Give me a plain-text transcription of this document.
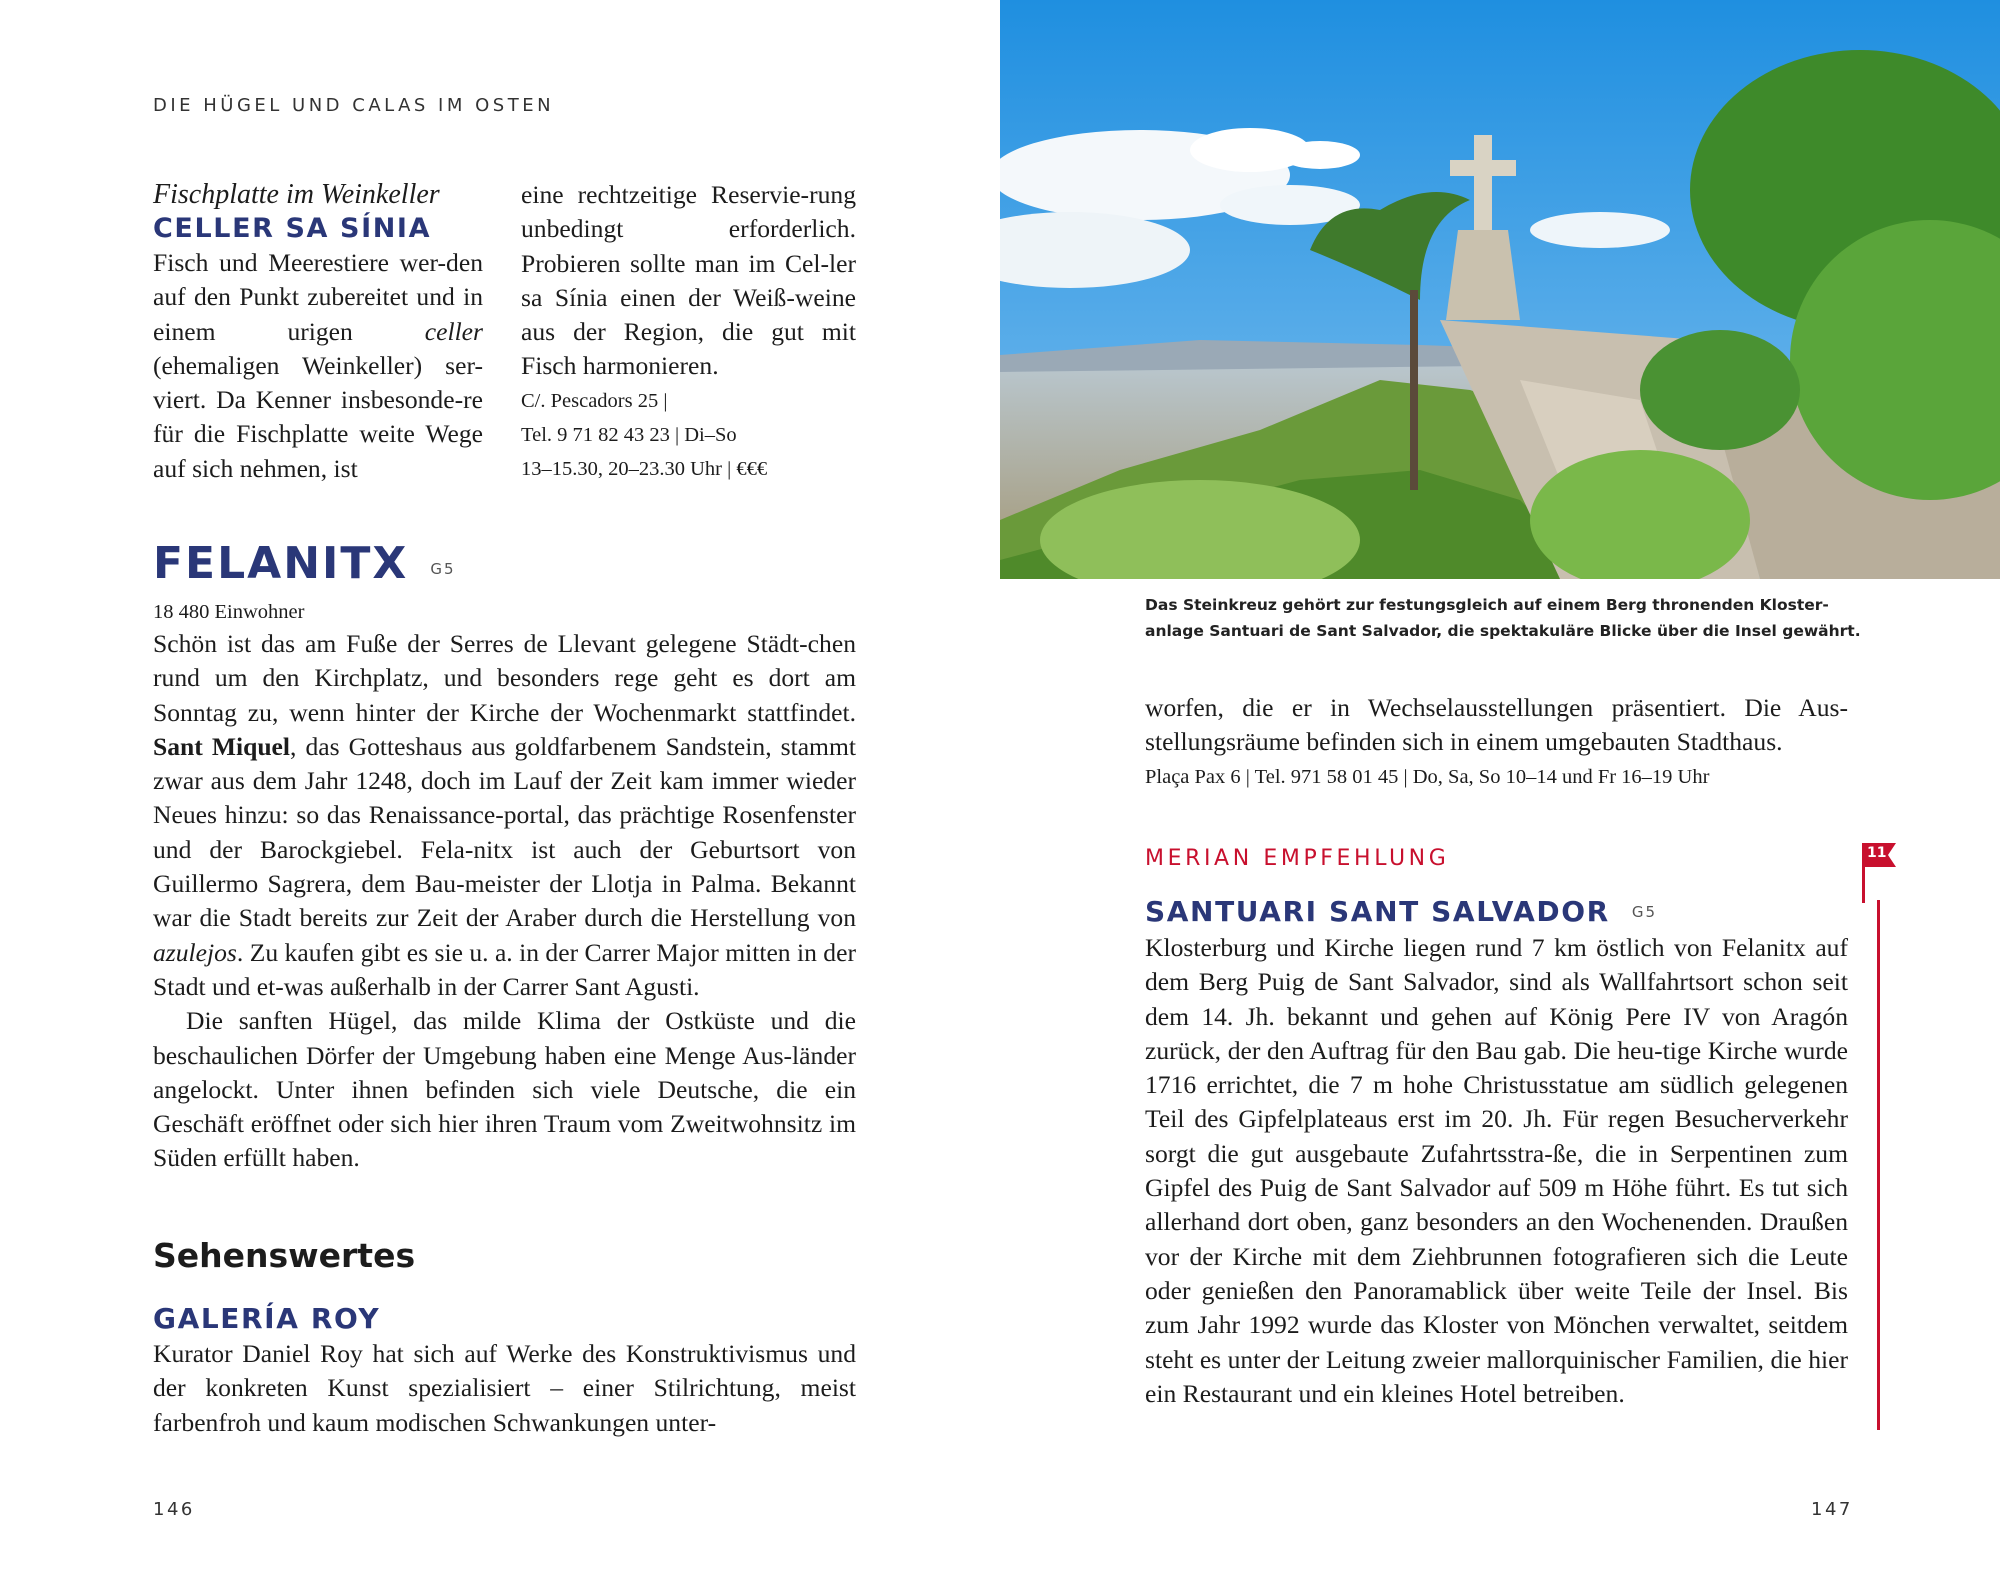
DIE HÜGEL UND CALAS IM OSTEN
Fischplatte im Weinkeller
CELLER SA SÍNIA
Fisch und Meerestiere wer-den auf den Punkt zubereitet und in einem urigen celler (ehemaligen Weinkeller) ser-viert. Da Kenner insbesonde-re für die Fischplatte weite Wege auf sich nehmen, ist
eine rechtzeitige Reservie-rung unbedingt erforderlich. Probieren sollte man im Cel-ler sa Sínia einen der Weiß-weine aus der Region, die gut mit Fisch harmonieren.
C/. Pescadors 25 |
Tel. 9 71 82 43 23 | Di–So
13–15.30, 20–23.30 Uhr | €€€
FELANITX G5
18 480 Einwohner

Schön ist das am Fuße der Serres de Llevant gelegene Städt-chen rund um den Kirchplatz, und besonders rege geht es dort am Sonntag zu, wenn hinter der Kirche der Wochenmarkt stattfindet. Sant Miquel, das Gotteshaus aus goldfarbenem Sandstein, stammt zwar aus dem Jahr 1248, doch im Lauf der Zeit kam immer wieder Neues hinzu: so das Renaissance-portal, das prächtige Rosenfenster und der Barockgiebel. Fela-nitx ist auch der Geburtsort von Guillermo Sagrera, dem Bau-meister der Llotja in Palma. Bekannt war die Stadt bereits zur Zeit der Araber durch die Herstellung von azulejos. Zu kaufen gibt es sie u. a. in der Carrer Major mitten in der Stadt und et-was außerhalb in der Carrer Sant Agusti.

Die sanften Hügel, das milde Klima der Ostküste und die beschaulichen Dörfer der Umgebung haben eine Menge Aus-länder angelockt. Unter ihnen befinden sich viele Deutsche, die ein Geschäft eröffnet oder sich hier ihren Traum vom Zweitwohnsitz im Süden erfüllt haben.

Sehenswertes
GALERÍA ROY
Kurator Daniel Roy hat sich auf Werke des Konstruktivismus und der konkreten Kunst spezialisiert – einer Stilrichtung, meist farbenfroh und kaum modischen Schwankungen unter-
146
Das Steinkreuz gehört zur festungsgleich auf einem Berg thronenden Kloster-anlage Santuari de Sant Salvador, die spektakuläre Blicke über die Insel gewährt.
worfen, die er in Wechselausstellungen präsentiert. Die Aus-stellungsräume befinden sich in einem umgebauten Stadthaus.
Plaça Pax 6 | Tel. 971 58 01 45 | Do, Sa, So 10–14 und Fr 16–19 Uhr
MERIAN EMPFEHLUNG	11
SANTUARI SANT SALVADOR G5
Klosterburg und Kirche liegen rund 7 km östlich von Felanitx auf dem Berg Puig de Sant Salvador, sind als Wallfahrtsort schon seit dem 14. Jh. bekannt und gehen auf König Pere IV von Aragón zurück, der den Auftrag für den Bau gab. Die heu-tige Kirche wurde 1716 errichtet, die 7 m hohe Christusstatue am südlich gelegenen Teil des Gipfelplateaus erst im 20. Jh. Für regen Besucherverkehr sorgt die gut ausgebaute Zufahrtsstra-ße, die in Serpentinen zum Gipfel des Puig de Sant Salvador auf 509 m Höhe führt. Es tut sich allerhand dort oben, ganz besonders an den Wochenenden. Draußen vor der Kirche mit dem Ziehbrunnen fotografieren sich die Leute oder genießen den Panoramablick über weite Teile der Insel. Bis zum Jahr 1992 wurde das Kloster von Mönchen verwaltet, seitdem steht es unter der Leitung zweier mallorquinischer Familien, die hier ein Restaurant und ein kleines Hotel betreiben.
147
